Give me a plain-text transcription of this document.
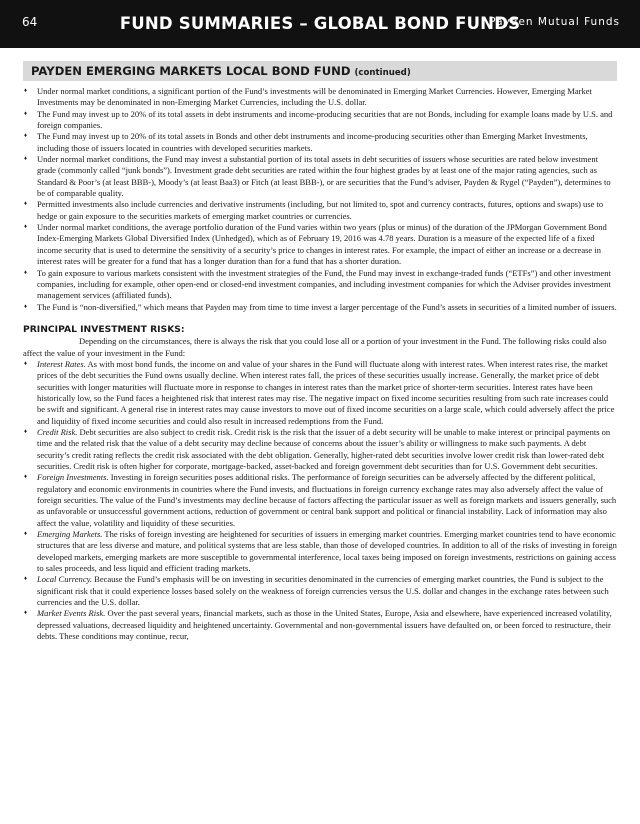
64	FUND SUMMARIES – GLOBAL BOND FUNDS
Payden Mutual Funds
PAYDEN EMERGING MARKETS LOCAL BOND FUND (continued)
♦ Under normal market conditions, a significant portion of the Fund’s investments will be denominated in Emerging Market Currencies. However, Emerging Market Investments may be denominated in non-Emerging Market Currencies, including the U.S. dollar.
♦ The Fund may invest up to 20% of its total assets in debt instruments and income-producing securities that are not Bonds, including for example loans made by U.S. and foreign companies.
♦ The Fund may invest up to 20% of its total assets in Bonds and other debt instruments and income-producing securities other than Emerging Market Investments, including those of issuers located in countries with developed securities markets.
♦ Under normal market conditions, the Fund may invest a substantial portion of its total assets in debt securities of issuers whose securities are rated below investment grade (commonly called “junk bonds”). Investment grade debt securities are rated within the four highest grades by at least one of the major rating agencies, such as Standard & Poor’s (at least BBB-), Moody’s (at least Baa3) or Fitch (at least BBB-), or are securities that the Fund’s adviser, Payden & Rygel (“Payden”), determines to be of comparable quality.
♦ Permitted investments also include currencies and derivative instruments (including, but not limited to, spot and currency contracts, futures, options and swaps) use to hedge or gain exposure to the securities markets of emerging market countries or currencies.
♦ Under normal market conditions, the average portfolio duration of the Fund varies within two years (plus or minus) of the duration of the JPMorgan Government Bond Index-Emerging Markets Global Diversified Index (Unhedged), which as of February 19, 2016 was 4.78 years. Duration is a measure of the expected life of a fixed income security that is used to determine the sensitivity of a security’s price to changes in interest rates. For example, the impact of either an increase or a decrease in interest rates will be greater for a fund that has a longer duration than for a fund that has a shorter duration.
♦ To gain exposure to various markets consistent with the investment strategies of the Fund, the Fund may invest in exchange-traded funds (“ETFs”) and other investment companies, including for example, other open-end or closed-end investment companies, and including investment companies for which the Adviser provides investment management services (affiliated funds).
♦ The Fund is “non-diversified,” which means that Payden may from time to time invest a larger percentage of the Fund’s assets in securities of a limited number of issuers.
PRINCIPAL INVESTMENT RISKS:

Depending on the circumstances, there is always the risk that you could lose all or a portion of your investment in the Fund. The following risks could also affect the value of your investment in the Fund:

♦ Interest Rates. As with most bond funds, the income on and value of your shares in the Fund will fluctuate along with interest rates. When interest rates rise, the market prices of the debt securities the Fund owns usually decline. When interest rates fall, the prices of these securities usually increase. Generally, the market price of debt securities with longer maturities will fluctuate more in response to changes in interest rates than the market price of shorter-term securities. Interest rates have been historically low, so the Fund faces a heightened risk that interest rates may rise. The negative impact on fixed income securities resulting from such rate increases could be swift and significant. A general rise in interest rates may cause investors to move out of fixed income securities on a large scale, which could adversely affect the price and liquidity of fixed income securities and could also result in increased redemptions from the Fund.
♦ Credit Risk. Debt securities are also subject to credit risk. Credit risk is the risk that the issuer of a debt security will be unable to make interest or principal payments on time and the related risk that the value of a debt security may decline because of concerns about the issuer’s ability or willingness to make such payments. A debt security’s credit rating reflects the credit risk associated with the debt obligation. Generally, higher-rated debt securities involve lower credit risk than lower-rated debt securities. Credit risk is often higher for corporate, mortgage-backed, asset-backed and foreign government debt securities than for U.S. Government debt securities.
♦ Foreign Investments. Investing in foreign securities poses additional risks. The performance of foreign securities can be adversely affected by the different political, regulatory and economic environments in countries where the Fund invests, and fluctuations in foreign currency exchange rates may also adversely affect the value of foreign securities. The value of the Fund’s investments may decline because of factors affecting the particular issuer as well as foreign markets and issuers generally, such as unfavorable or unsuccessful government actions, reduction of government or central bank support and political or financial instability. Lack of information may also affect the value, volatility and liquidity of these securities.
♦ Emerging Markets. The risks of foreign investing are heightened for securities of issuers in emerging market countries. Emerging market countries tend to have economic structures that are less diverse and mature, and political systems that are less stable, than those of developed countries. In addition to all of the risks of investing in foreign developed markets, emerging markets are more susceptible to governmental interference, local taxes being imposed on foreign investments, restrictions on gaining access to sales proceeds, and less liquid and efficient trading markets.
♦ Local Currency. Because the Fund’s emphasis will be on investing in securities denominated in the currencies of emerging market countries, the Fund is subject to the significant risk that it could experience losses based solely on the weakness of foreign currencies versus the U.S. dollar and changes in the exchange rates between such currencies and the U.S. dollar.
♦ Market Events Risk. Over the past several years, financial markets, such as those in the United States, Europe, Asia and elsewhere, have experienced increased volatility, depressed valuations, decreased liquidity and heightened uncertainty. Governmental and non-governmental issuers have defaulted on, or been forced to restructure, their debts. These conditions may continue, recur,
